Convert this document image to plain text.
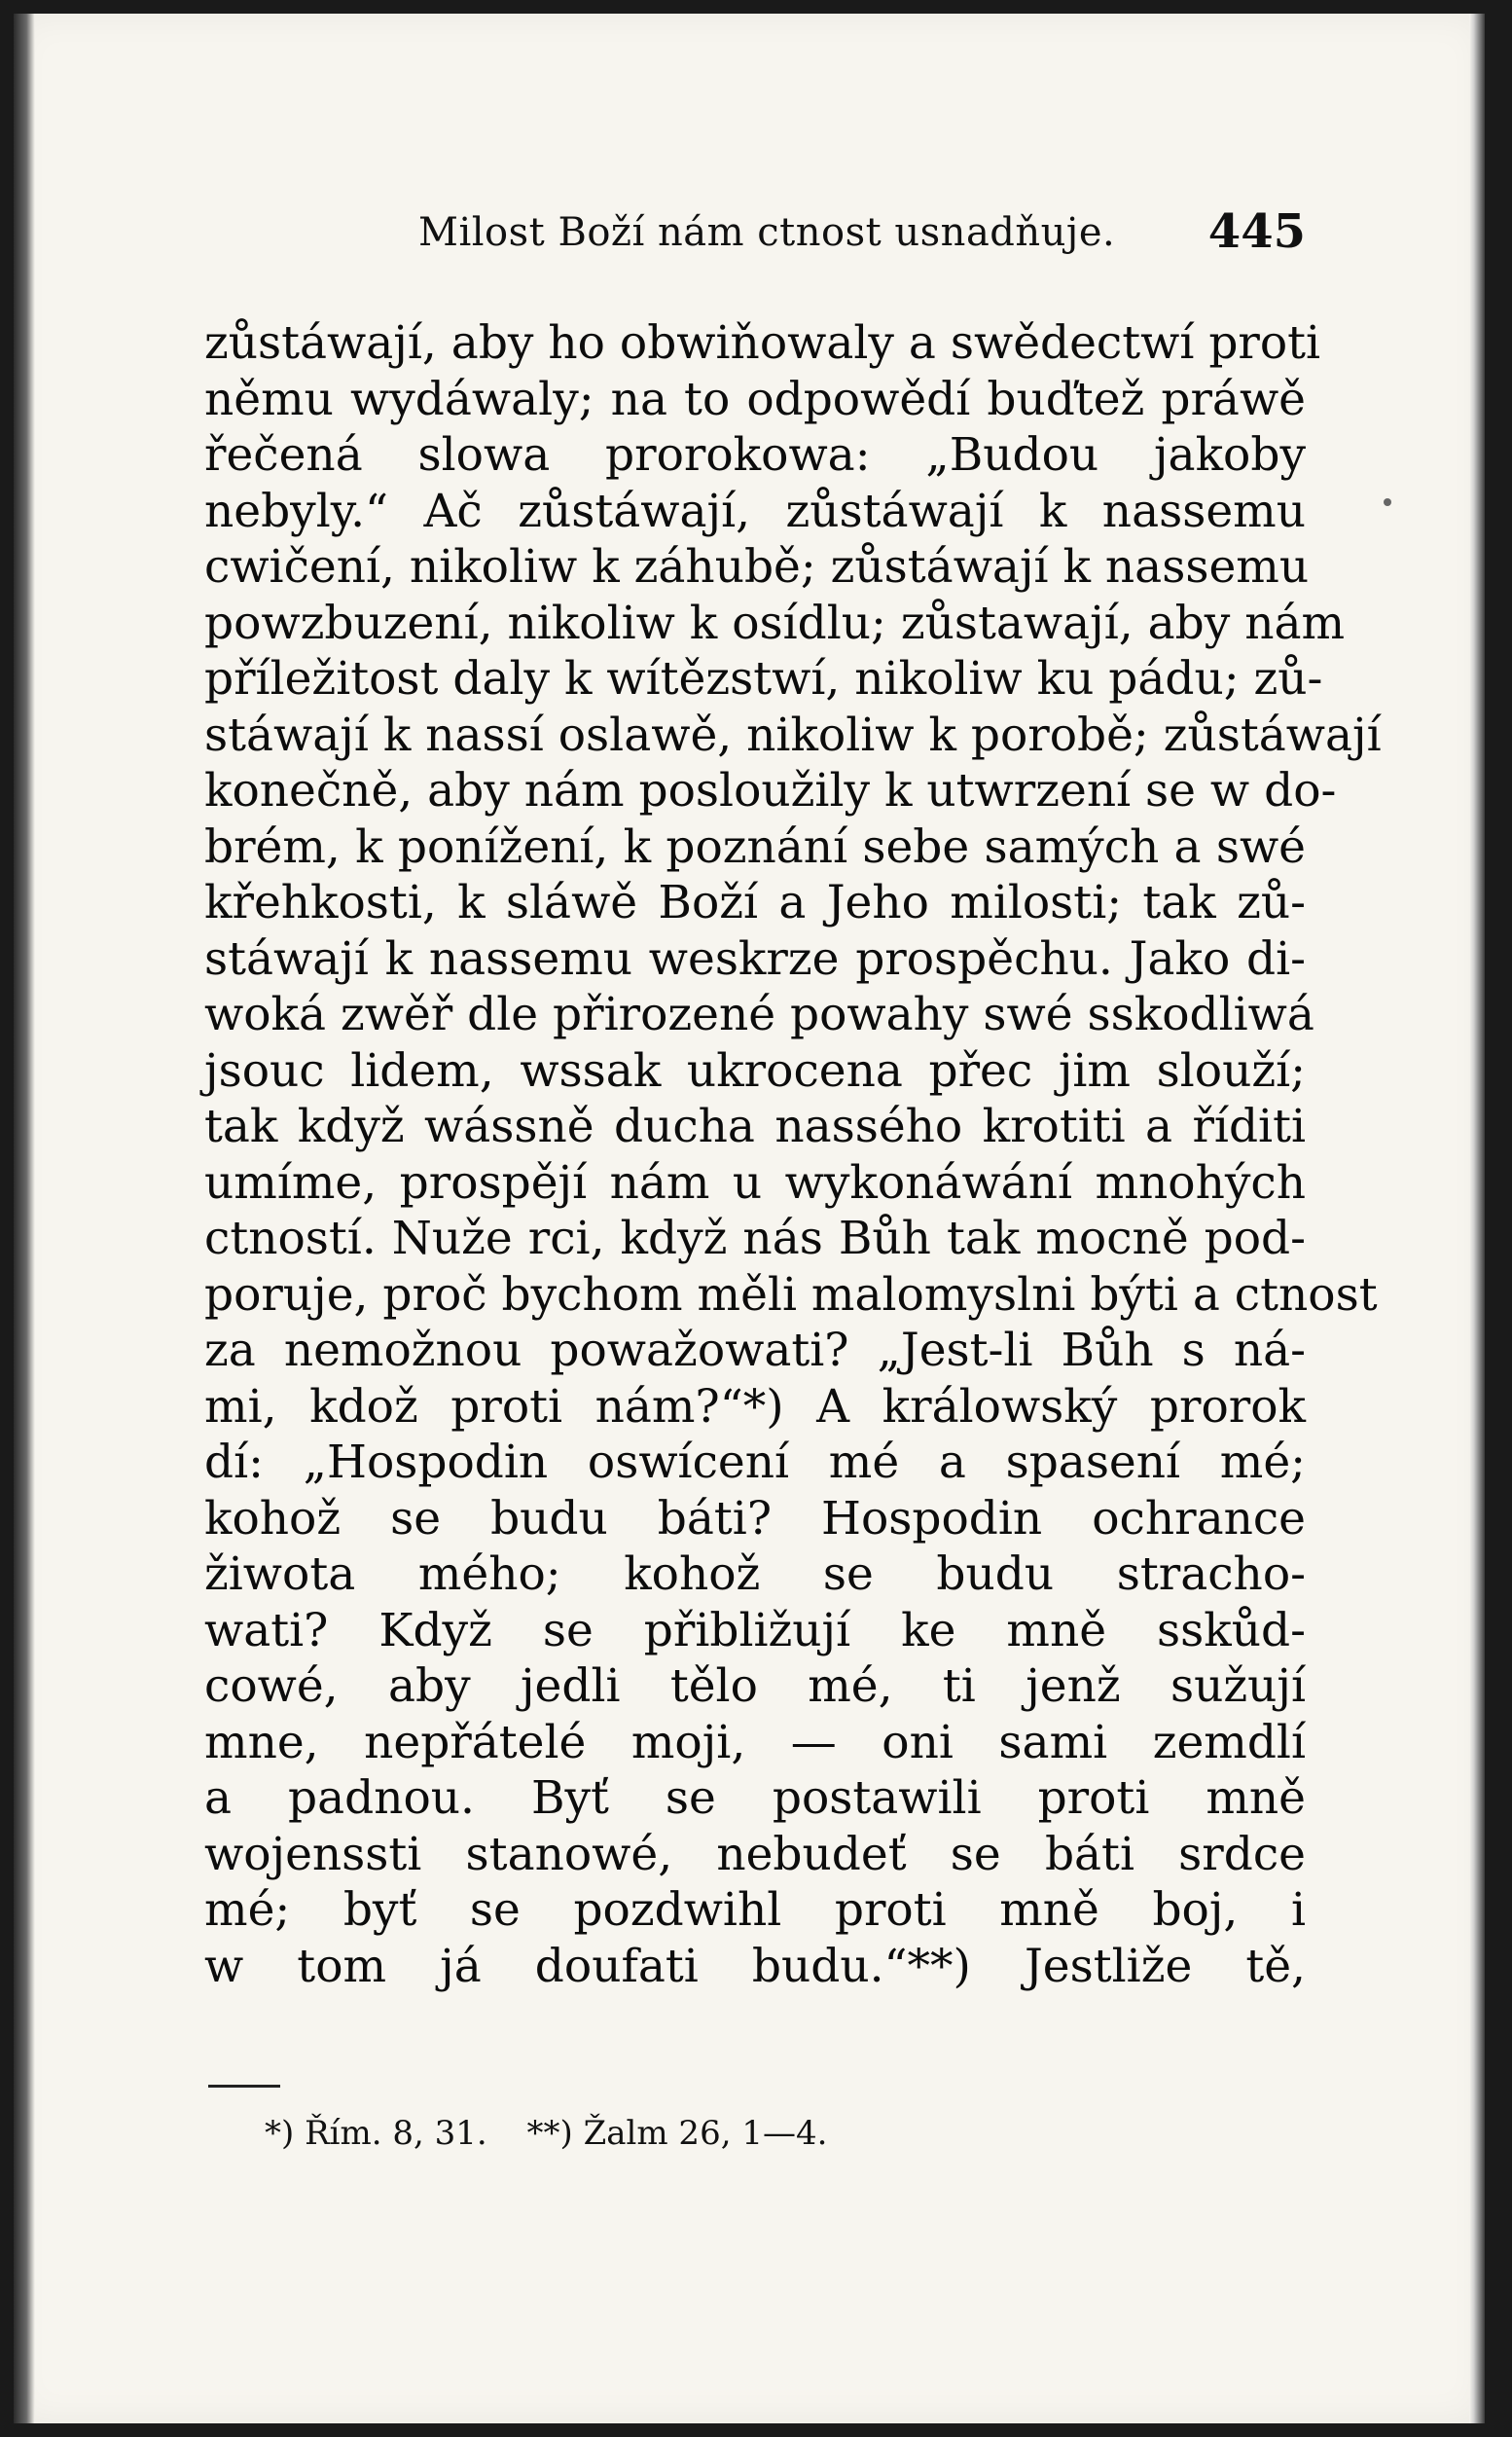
Milost Boží nám ctnost usnadňuje. 445
zůstáwají, aby ho obwiňowaly a swědectwí proti
němu wydáwaly; na to odpowědí buďtež práwě
řečená slowa prorokowa: „Budou jakoby
nebyly.“ Ač zůstáwají, zůstáwají k nassemu
cwičení, nikoliw k záhubě; zůstáwají k nassemu
powzbuzení, nikoliw k osídlu; zůstawají, aby nám
příležitost daly k wítězstwí, nikoliw ku pádu; zů-
stáwají k nassí oslawě, nikoliw k porobě; zůstáwají
konečně, aby nám posloužily k utwrzení se w do-
brém, k ponížení, k poznání sebe samých a swé
křehkosti, k sláwě Boží a Jeho milosti; tak zů-
stáwají k nassemu weskrze prospěchu. Jako di-
woká zwěř dle přirozené powahy swé sskodliwá
jsouc lidem, wssak ukrocena přec jim slouží;
tak když wássně ducha nassého krotiti a říditi
umíme, prospějí nám u wykonáwání mnohých
ctností. Nuže rci, když nás Bůh tak mocně pod-
poruje, proč bychom měli malomyslni býti a ctnost
za nemožnou powažowati? „Jest-li Bůh s ná-
mi, kdož proti nám?“*) A králowský prorok
dí: „Hospodin oswícení mé a spasení mé;
kohož se budu báti? Hospodin ochrance
žiwota mého; kohož se budu stracho-
wati? Když se přibližují ke mně sskůd-
cowé, aby jedli tělo mé, ti jenž sužují
mne, nepřátelé moji, — oni sami zemdlí
a padnou. Byť se postawili proti mně
wojenssti stanowé, nebudeť se báti srdce
mé; byť se pozdwihl proti mně boj, i
w tom já doufati budu.“**) Jestliže tě,
*) Řím. 8, 31. **) Žalm 26, 1—4.
